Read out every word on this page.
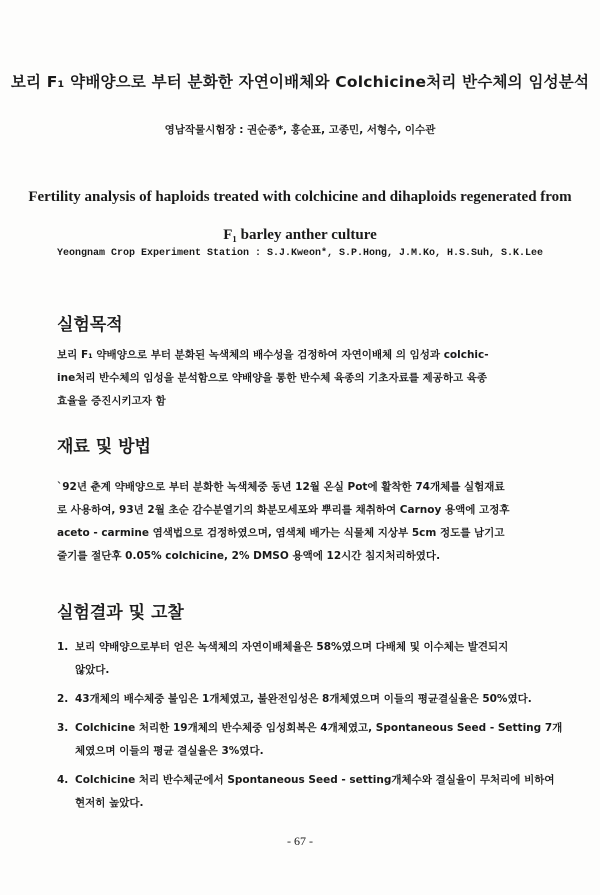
보리 F₁ 약배양으로 부터 분화한 자연이배체와 Colchicine처리 반수체의 임성분석
영남작물시험장 : 권순종*, 홍순표, 고종민, 서형수, 이수관
Fertility analysis of haploids treated with colchicine and dihaploids regenerated from
F₁ barley anther culture
Yeongnam Crop Experiment Station : S.J.Kweon*, S.P.Hong, J.M.Ko, H.S.Suh, S.K.Lee
실험목적
보리 F₁ 약배양으로 부터 분화된 녹색체의 배수성을 검정하여 자연이배체 의 임성과 colchic-
ine처리 반수체의 임성을 분석함으로 약배양을 통한 반수체 육종의 기초자료를 제공하고 육종
효율을 증진시키고자 함
재료 및 방법
`92년 춘계 약배양으로 부터 분화한 녹색체중 동년 12월 온실 Pot에 활착한 74개체를 실험재료
로 사용하여, 93년 2월 초순 감수분열기의 화분모세포와 뿌리를 채취하여 Carnoy 용액에 고정후
aceto - carmine 염색법으로 검정하였으며, 염색체 배가는 식물체 지상부 5cm 정도를 남기고
줄기를 절단후 0.05% colchicine, 2% DMSO 용액에 12시간 침지처리하였다.
실험결과 및 고찰
1. 보리 약배양으로부터 얻은 녹색체의 자연이배체율은 58%였으며 다배체 및 이수체는 발견되지
않았다.
2. 43개체의 배수체중 불임은 1개체였고, 불완전임성은 8개체였으며 이들의 평균결실율은 50%였다.
3. Colchicine 처리한 19개체의 반수체중 임성회복은 4개체였고, Spontaneous Seed - Setting 7개
체였으며 이들의 평균 결실율은 3%였다.
4. Colchicine 처리 반수체군에서 Spontaneous Seed - setting개체수와 결실율이 무처리에 비하여
현저히 높았다.
- 67 -
